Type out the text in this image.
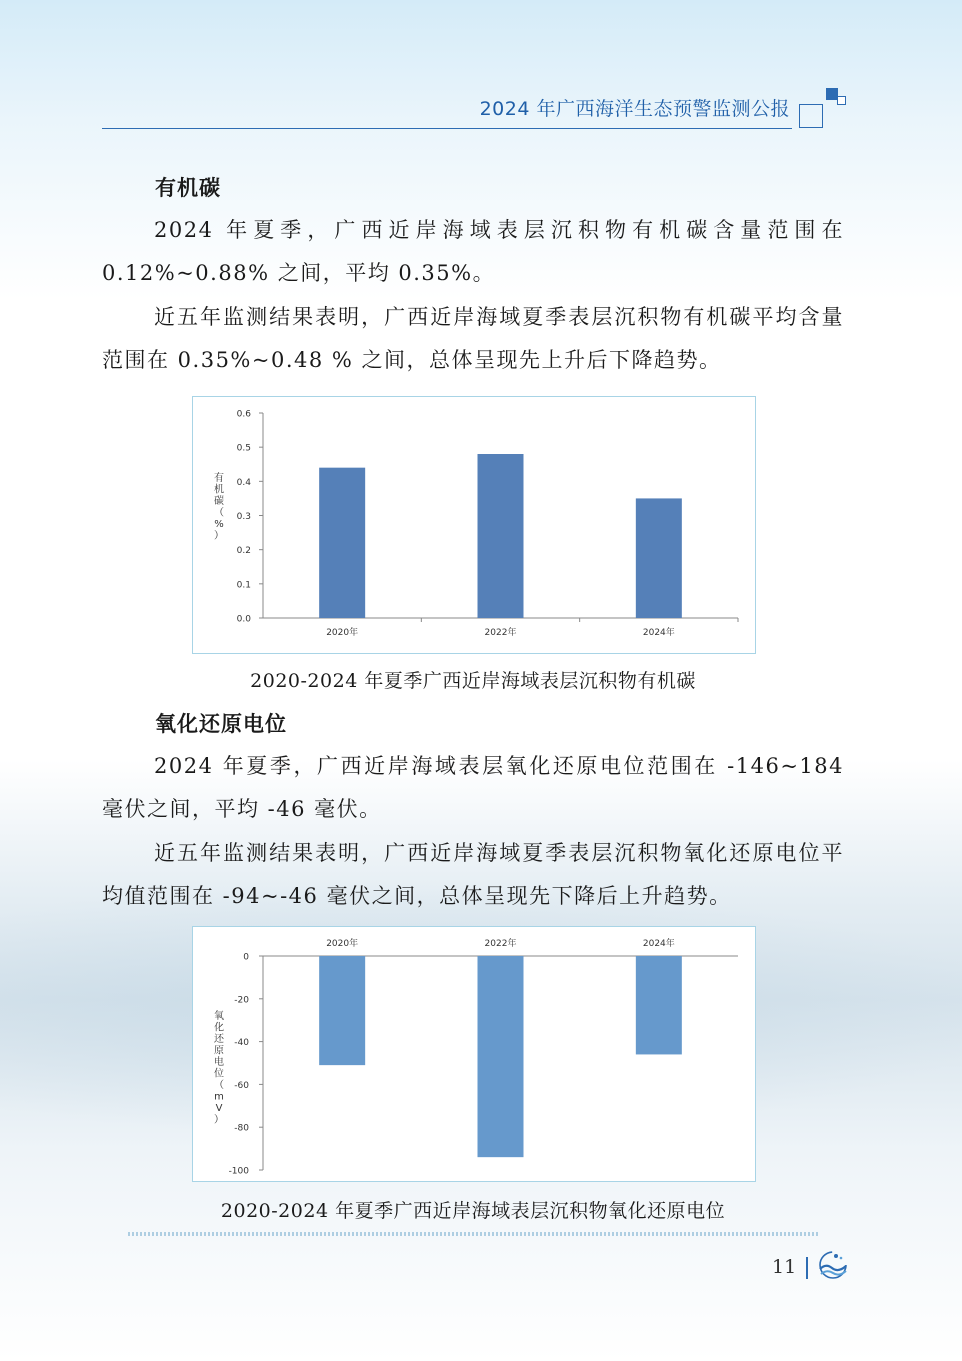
2024 年广西海洋生态预警监测公报
有机碳
2024 年夏季，广西近岸海域表层沉积物有机碳含量范围在 0.12%~0.88% 之间，平均 0.35%。
近五年监测结果表明，广西近岸海域夏季表层沉积物有机碳平均含量范围在 0.35%~0.48 % 之间，总体呈现先上升后下降趋势。
0.0
0.1
0.2
0.3
0.4
0.5
0.6
2020年	2022年	2024年
有
机
碳
（
%
）
2020-2024 年夏季广西近岸海域表层沉积物有机碳
氧化还原电位
2024 年夏季，广西近岸海域表层氧化还原电位范围在 -146~184 毫伏之间，平均 -46 毫伏。
近五年监测结果表明，广西近岸海域夏季表层沉积物氧化还原电位平均值范围在 -94~-46 毫伏之间，总体呈现先下降后上升趋势。
0
-20
-40
-60
-80
-100
2020年	2022年	2024年
氧
化
还
原
电
位
（
m
V
）
2020-2024 年夏季广西近岸海域表层沉积物氧化还原电位
11
